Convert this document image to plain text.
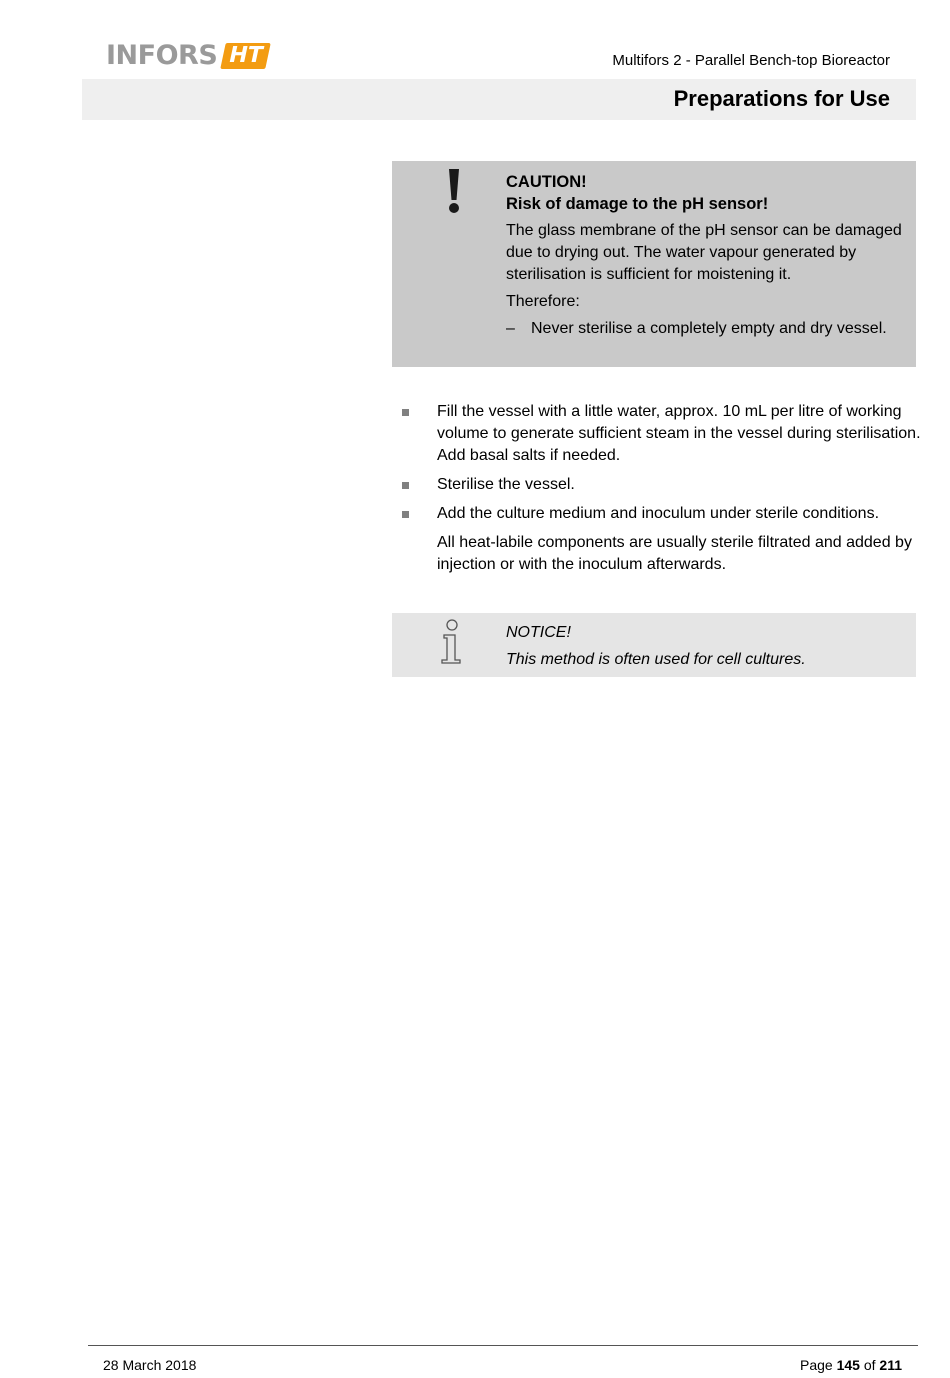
INFORS HT	Multifors 2 - Parallel Bench-top Bioreactor
Preparations for Use
CAUTION!
Risk of damage to the pH sensor!
The glass membrane of the pH sensor can be damaged due to drying out. The water vapour generated by sterilisation is sufficient for moistening it.
Therefore:
–	Never sterilise a completely empty and dry vessel.
Fill the vessel with a little water, approx. 10 mL per litre of working volume to generate sufficient steam in the vessel during sterilisation. Add basal salts if needed.
Sterilise the vessel.
Add the culture medium and inoculum under sterile conditions.
All heat-labile components are usually sterile filtrated and added by injection or with the inoculum afterwards.
NOTICE!
This method is often used for cell cultures.
28 March 2018	Page 145 of 211
